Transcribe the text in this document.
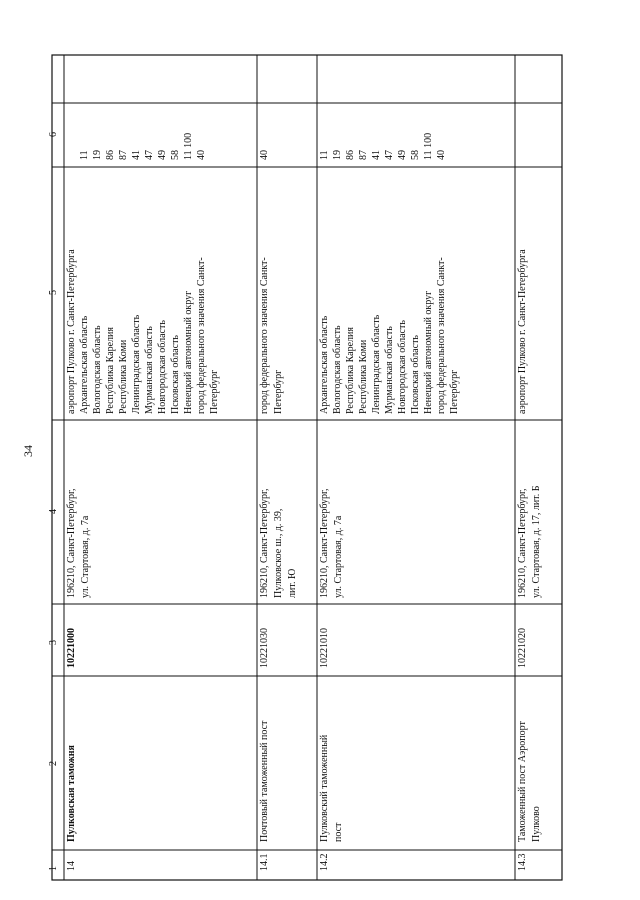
34
1
2
3
4
5
6
14
Пулковская таможня
10221000
196210, Санкт-Петербург, ул. Стартовая, д. 7а
аэропорт Пулково г. Санкт-Петербурга Архангельская область Вологодская область Республика Карелия Республика Коми Ленинградская область Мурманская область Новгородская область Псковская область Ненецкий автономный округ город федерального значения Санкт- Петербург
11 19 86 87 41 47 49 58 11 100 40
14.1
Почтовый таможенный пост
10221030
196210, Санкт-Петербург, Пулковское ш., д. 39, лит. Ю
город федерального значения Санкт- Петербург
40
14.2
Пулковский таможенный пост
10221010
196210, Санкт-Петербург, ул. Стартовая, д. 7а
Архангельская область Вологодская область Республика Карелия Республика Коми Ленинградская область Мурманская область Новгородская область Псковская область Ненецкий автономный округ город федерального значения Санкт- Петербург
11 19 86 87 41 47 49 58 11 100 40
14.3
Таможенный пост Аэропорт Пулково
10221020
196210, Санкт-Петербург, ул. Стартовая, д. 17, лит. Б
аэропорт Пулково г. Санкт-Петербурга
